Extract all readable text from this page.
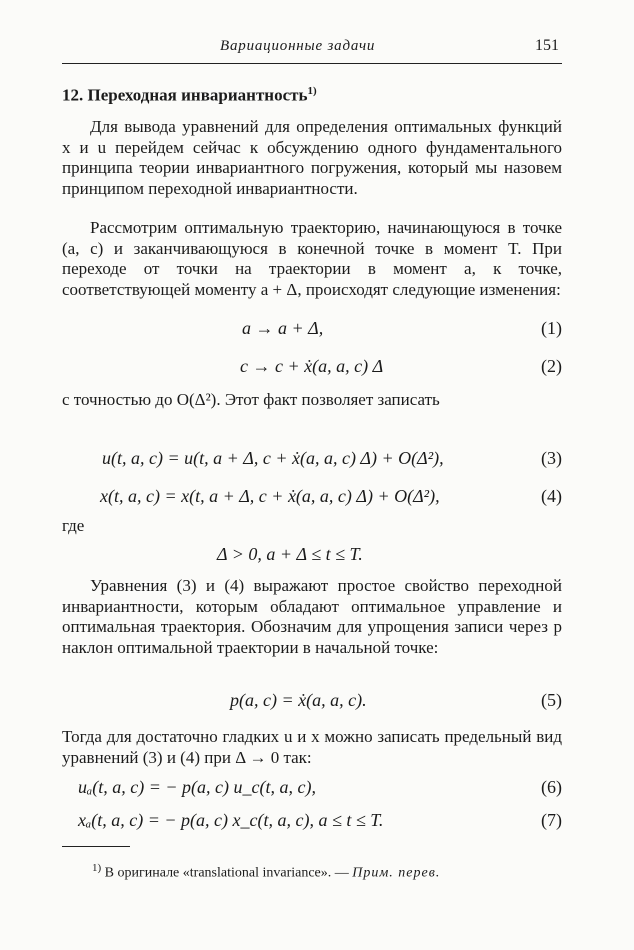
Вариационные задачи	151
12. Переходная инвариантность$^{1)}$
Для вывода уравнений для определения оптимальных функций x и u перейдем сейчас к обсуждению одного фундаментального принципа теории инвариантного погружения, который мы назовем принципом переходной инвариантности.
Рассмотрим оптимальную траекторию, начинающуюся в точке (a, c) и заканчивающуюся в конечной точке в момент T. При переходе от точки на траектории в момент a, к точке, соответствующей моменту a + Δ, происходят следующие изменения:
a → a + Δ,	(1)
c → c + ẋ(a, a, c) Δ	(2)
с точностью до O(Δ²). Этот факт позволяет записать
u(t, a, c) = u(t, a + Δ, c + ẋ(a, a, c) Δ) + O(Δ²),	(3)
x(t, a, c) = x(t, a + Δ, c + ẋ(a, a, c) Δ) + O(Δ²),	(4)
где
Δ > 0, a + Δ ≤ t ≤ T.
Уравнения (3) и (4) выражают простое свойство переходной инвариантности, которым обладают оптимальное управление и оптимальная траектория. Обозначим для упрощения записи через p наклон оптимальной траектории в начальной точке:
p(a, c) = ẋ(a, a, c).	(5)
Тогда для достаточно гладких u и x можно записать предельный вид уравнений (3) и (4) при Δ → 0 так:
uₐ(t, a, c) = − p(a, c) u_c(t, a, c),	(6)
xₐ(t, a, c) = − p(a, c) x_c(t, a, c), a ≤ t ≤ T.	(7)
$^{1)}$ В оригинале «translational invariance». — Прим. перев.
